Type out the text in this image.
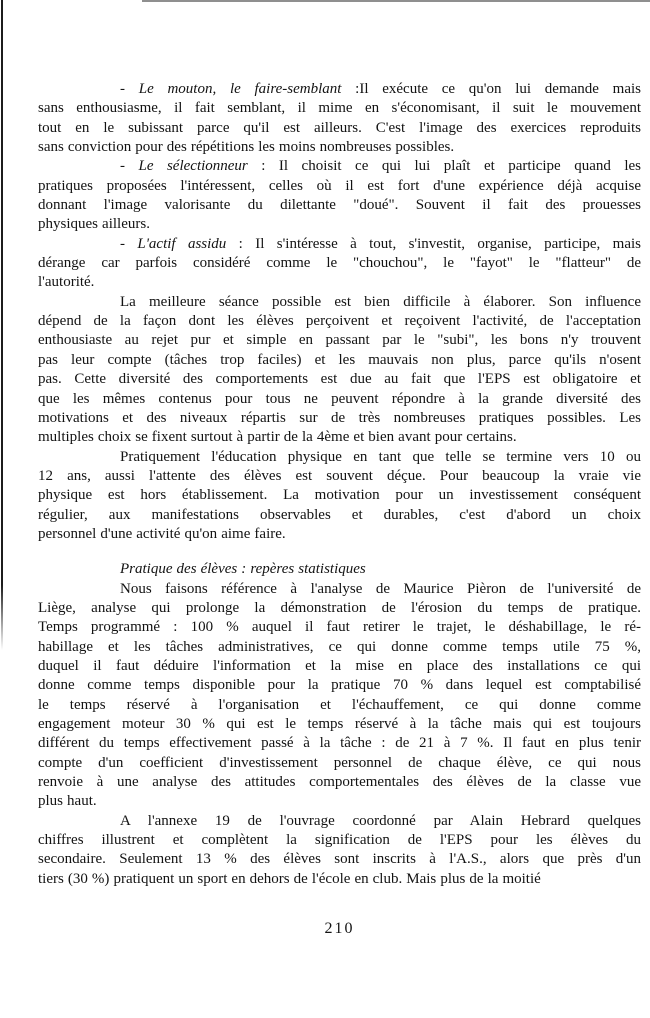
- Le mouton, le faire-semblant :Il exécute ce qu'on lui demande mais
sans enthousiasme, il fait semblant, il mime en s'économisant, il suit le mouvement
tout en le subissant parce qu'il est ailleurs. C'est l'image des exercices reproduits
sans conviction pour des répétitions les moins nombreuses possibles.
- Le sélectionneur : Il choisit ce qui lui plaît et participe quand les
pratiques proposées l'intéressent, celles où il est fort d'une expérience déjà acquise
donnant l'image valorisante du dilettante "doué". Souvent il fait des prouesses
physiques ailleurs.
- L'actif assidu : Il s'intéresse à tout, s'investit, organise, participe, mais
dérange car parfois considéré comme le "chouchou", le "fayot" le "flatteur" de
l'autorité.
La meilleure séance possible est bien difficile à élaborer. Son influence
dépend de la façon dont les élèves perçoivent et reçoivent l'activité, de l'acceptation
enthousiaste au rejet pur et simple en passant par le "subi", les bons n'y trouvent
pas leur compte (tâches trop faciles) et les mauvais non plus, parce qu'ils n'osent
pas. Cette diversité des comportements est due au fait que l'EPS est obligatoire et
que les mêmes contenus pour tous ne peuvent répondre à la grande diversité des
motivations et des niveaux répartis sur de très nombreuses pratiques possibles. Les
multiples choix se fixent surtout à partir de la 4ème et bien avant pour certains.
Pratiquement l'éducation physique en tant que telle se termine vers 10 ou
12 ans, aussi l'attente des élèves est souvent déçue. Pour beaucoup la vraie vie
physique est hors établissement. La motivation pour un investissement conséquent
régulier, aux manifestations observables et durables, c'est d'abord un choix
personnel d'une activité qu'on aime faire.
Pratique des élèves : repères statistiques
Nous faisons référence à l'analyse de Maurice Pièron de l'université de
Liège, analyse qui prolonge la démonstration de l'érosion du temps de pratique.
Temps programmé : 100 % auquel il faut retirer le trajet, le déshabillage, le ré-
habillage et les tâches administratives, ce qui donne comme temps utile 75 %,
duquel il faut déduire l'information et la mise en place des installations ce qui
donne comme temps disponible pour la pratique 70 % dans lequel est comptabilisé
le temps réservé à l'organisation et l'échauffement, ce qui donne comme
engagement moteur 30 % qui est le temps réservé à la tâche mais qui est toujours
différent du temps effectivement passé à la tâche : de 21 à 7 %. Il faut en plus tenir
compte d'un coefficient d'investissement personnel de chaque élève, ce qui nous
renvoie à une analyse des attitudes comportementales des élèves de la classe vue
plus haut.
A l'annexe 19 de l'ouvrage coordonné par Alain Hebrard quelques
chiffres illustrent et complètent la signification de l'EPS pour les élèves du
secondaire. Seulement 13 % des élèves sont inscrits à l'A.S., alors que près d'un
tiers (30 %) pratiquent un sport en dehors de l'école en club. Mais plus de la moitié
210
